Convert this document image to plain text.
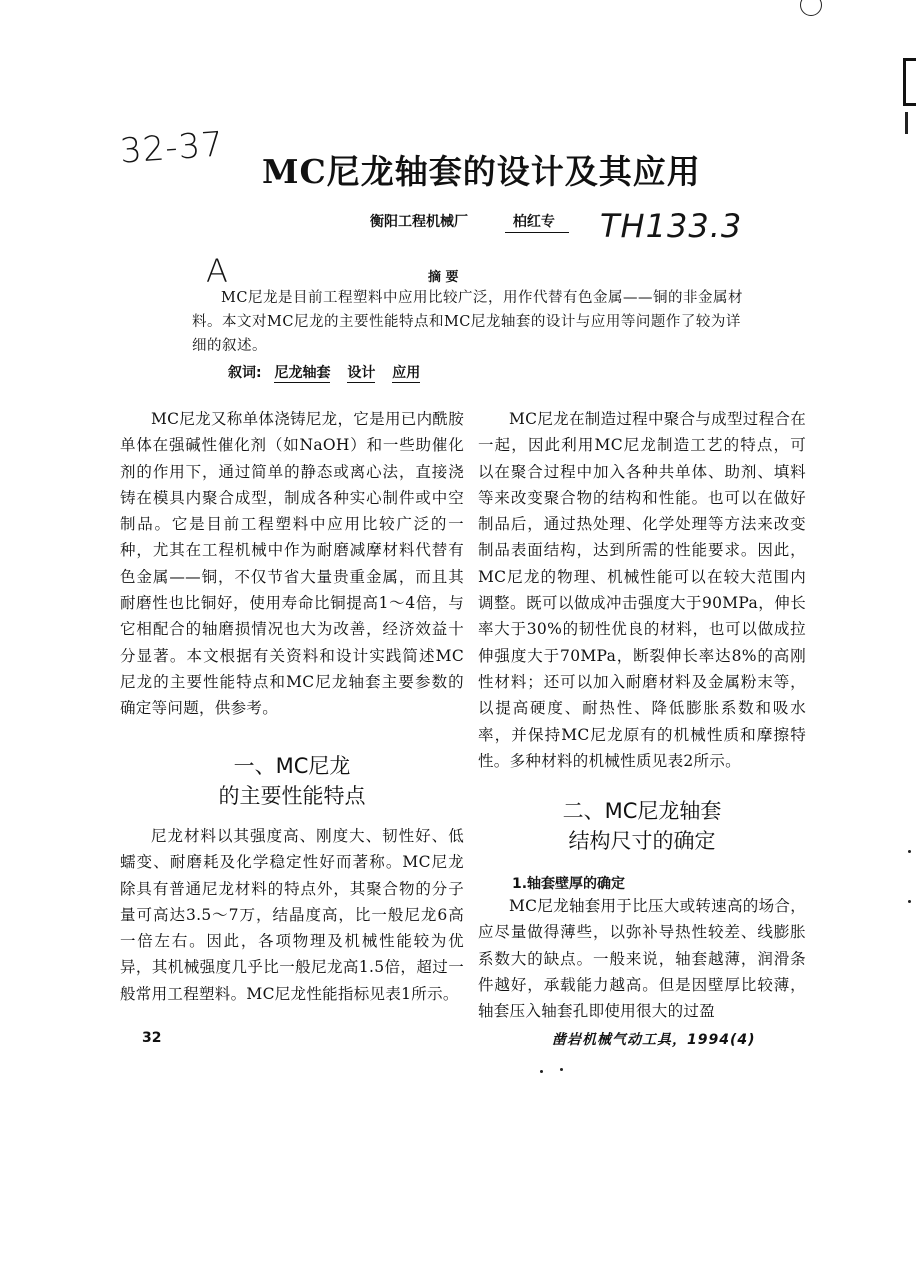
32-37
TH133.3
A
MC尼龙轴套的设计及其应用
衡阳工程机械厂	柏红专
摘 要
MC尼龙是目前工程塑料中应用比较广泛，用作代替有色金属——铜的非金属材料。本文对MC尼龙的主要性能特点和MC尼龙轴套的设计与应用等问题作了较为详细的叙述。
叙词: 尼龙轴套 设计 应用

MC尼龙又称单体浇铸尼龙，它是用已内酰胺单体在强碱性催化剂（如NaOH）和一些助催化剂的作用下，通过简单的静态或离心法，直接浇铸在模具内聚合成型，制成各种实心制件或中空制品。它是目前工程塑料中应用比较广泛的一种，尤其在工程机械中作为耐磨减摩材料代替有色金属——铜，不仅节省大量贵重金属，而且其耐磨性也比铜好，使用寿命比铜提高1～4倍，与它相配合的轴磨损情况也大为改善，经济效益十分显著。本文根据有关资料和设计实践简述MC尼龙的主要性能特点和MC尼龙轴套主要参数的确定等问题，供参考。

一、MC尼龙
的主要性能特点

尼龙材料以其强度高、刚度大、韧性好、低蠕变、耐磨耗及化学稳定性好而著称。MC尼龙除具有普通尼龙材料的特点外，其聚合物的分子量可高达3.5～7万，结晶度高，比一般尼龙6高一倍左右。因此，各项物理及机械性能较为优异，其机械强度几乎比一般尼龙高1.5倍，超过一般常用工程塑料。MC尼龙性能指标见表1所示。

MC尼龙在制造过程中聚合与成型过程合在一起，因此利用MC尼龙制造工艺的特点，可以在聚合过程中加入各种共单体、助剂、填料等来改变聚合物的结构和性能。也可以在做好制品后，通过热处理、化学处理等方法来改变制品表面结构，达到所需的性能要求。因此，MC尼龙的物理、机械性能可以在较大范围内调整。既可以做成冲击强度大于90MPa，伸长率大于30%的韧性优良的材料，也可以做成拉伸强度大于70MPa，断裂伸长率达8%的高刚性材料；还可以加入耐磨材料及金属粉末等，以提高硬度、耐热性、降低膨胀系数和吸水率，并保持MC尼龙原有的机械性质和摩擦特性。多种材料的机械性质见表2所示。

二、MC尼龙轴套
结构尺寸的确定
1.轴套壁厚的确定

MC尼龙轴套用于比压大或转速高的场合，应尽量做得薄些，以弥补导热性较差、线膨胀系数大的缺点。一般来说，轴套越薄，润滑条件越好，承载能力越高。但是因壁厚比较薄，轴套压入轴套孔即使用很大的过盈

32	凿岩机械气动工具，1994(4)
